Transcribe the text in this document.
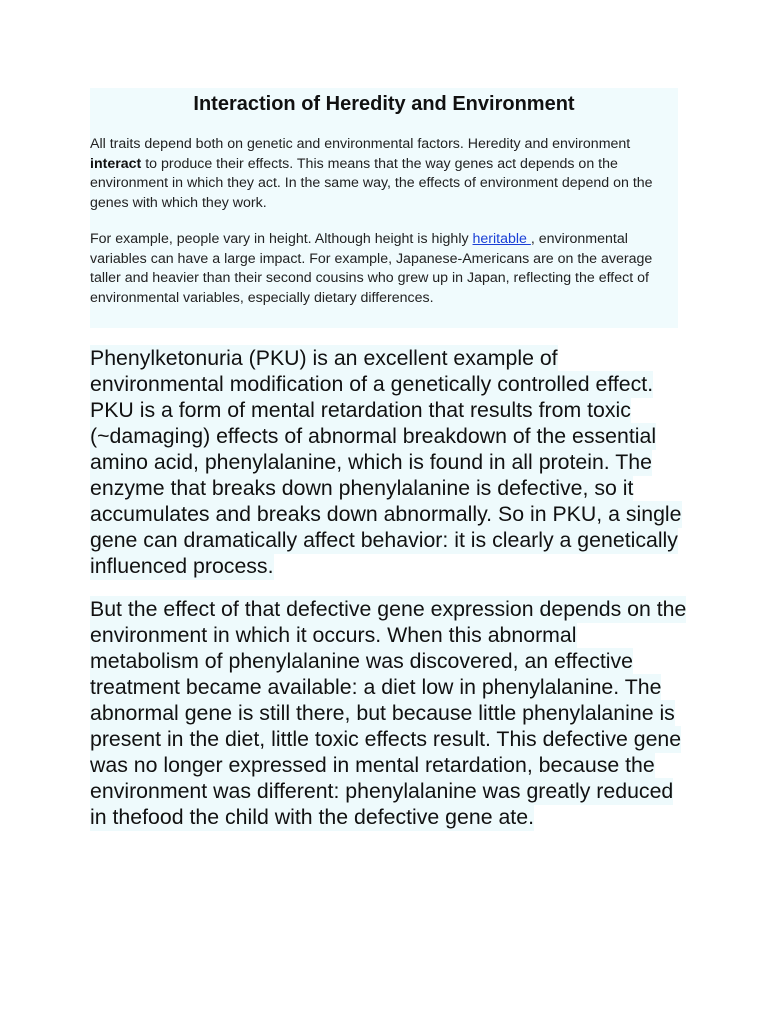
Interaction of Heredity and Environment

All traits depend both on genetic and environmental factors. Heredity and environment interact to produce their effects. This means that the way genes act depends on the environment in which they act. In the same way, the effects of environment depend on the genes with which they work.

For example, people vary in height. Although height is highly heritable , environmental variables can have a large impact. For example, Japanese-Americans are on the average taller and heavier than their second cousins who grew up in Japan, reflecting the effect of environmental variables, especially dietary differences.

Phenylketonuria (PKU) is an excellent example of environmental modification of a genetically controlled effect. PKU is a form of mental retardation that results from toxic (~damaging) effects of abnormal breakdown of the essential amino acid, phenylalanine, which is found in all protein. The enzyme that breaks down phenylalanine is defective, so it accumulates and breaks down abnormally. So in PKU, a single gene can dramatically affect behavior: it is clearly a genetically influenced process.

But the effect of that defective gene expression depends on the environment in which it occurs. When this abnormal metabolism of phenylalanine was discovered, an effective treatment became available: a diet low in phenylalanine. The abnormal gene is still there, but because little phenylalanine is present in the diet, little toxic effects result. This defective gene was no longer expressed in mental retardation, because the environment was different: phenylalanine was greatly reduced in thefood the child with the defective gene ate.
